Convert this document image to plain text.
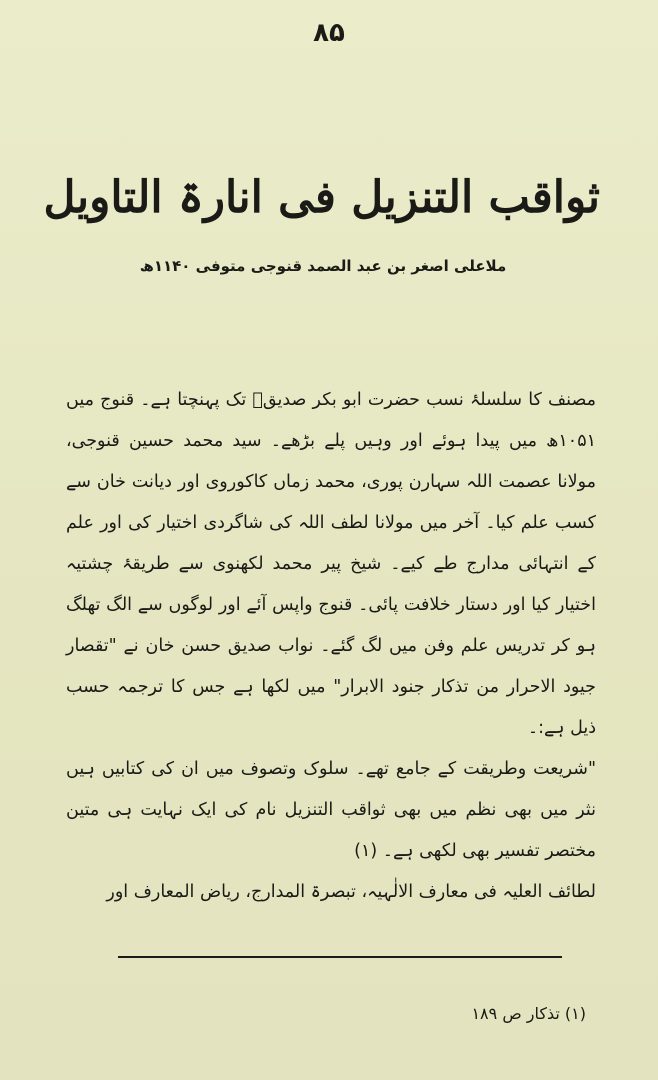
۸۵
ثواقب التنزیل فی انارۃ التاویل
ملاعلی اصغر بن عبد الصمد قنوجی متوفی ۱۱۴۰ھ

مصنف کا سلسلۂ نسب حضرت ابو بکر صدیقؓ تک پہنچتا ہے۔ قنوج میں ۱۰۵۱ھ میں پیدا ہوئے اور وہیں پلے بڑھے۔ سید محمد حسین قنوجی، مولانا عصمت اللہ سہارن پوری، محمد زماں کاکوروی اور دیانت خان سے کسب علم کیا۔ آخر میں مولانا لطف اللہ کی شاگردی اختیار کی اور علم کے انتہائی مدارج طے کیے۔ شیخ پیر محمد لکھنوی سے طریقۂ چشتیہ اختیار کیا اور دستار خلافت پائی۔ قنوج واپس آئے اور لوگوں سے الگ تھلگ ہو کر تدریس علم وفن میں لگ گئے۔ نواب صدیق حسن خان نے "تقصار جیود الاحرار من تذکار جنود الابرار" میں لکھا ہے جس کا ترجمہ حسب ذیل ہے:۔

"شریعت وطریقت کے جامع تھے۔ سلوک وتصوف میں ان کی کتابیں ہیں نثر میں بھی نظم میں بھی ثواقب التنزیل نام کی ایک نہایت ہی متین مختصر تفسیر بھی لکھی ہے۔ (۱)

لطائف العلیہ فی معارف الالٰہیہ، تبصرۃ المدارج، ریاض المعارف اور

(۱) تذکار ص ۱۸۹
